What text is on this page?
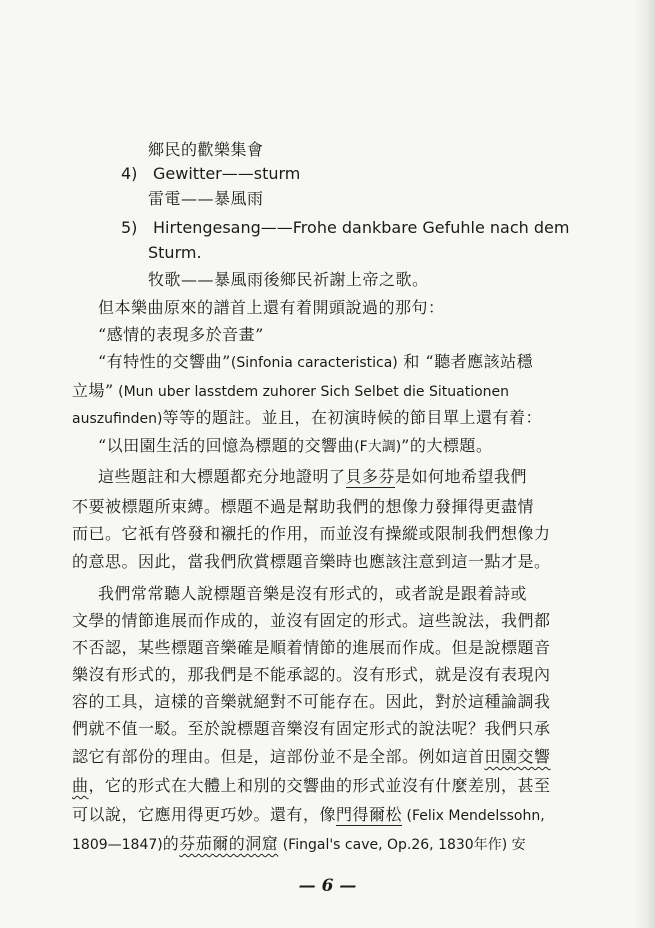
鄉民的歡樂集會
4) Gewitter——sturm
雷電——暴風雨
5) Hirtengesang——Frohe dankbare Gefuhle nach dem
Sturm.
牧歌——暴風雨後鄉民祈謝上帝之歌。
但本樂曲原來的譜首上還有着開頭說過的那句：
“感情的表現多於音畫”
“有特性的交響曲”(Sinfonia caracteristica) 和 “聽者應該站穩
立場” (Mun uber lasstdem zuhorer Sich Selbet die Situationen
auszufinden)等等的題註。並且，在初演時候的節目單上還有着：
“以田園生活的回憶為標題的交響曲(F大調)”的大標題。
這些題註和大標題都充分地證明了貝多芬是如何地希望我們
不要被標題所束縛。標題不過是幫助我們的想像力發揮得更盡情
而已。它祇有啓發和襯托的作用，而並沒有操縱或限制我們想像力
的意思。因此，當我們欣賞標題音樂時也應該注意到這一點才是。
我們常常聽人說標題音樂是沒有形式的，或者說是跟着詩或
文學的情節進展而作成的，並沒有固定的形式。這些說法，我們都
不否認，某些標題音樂確是順着情節的進展而作成。但是說標題音
樂沒有形式的，那我們是不能承認的。沒有形式，就是沒有表現內
容的工具，這樣的音樂就絕對不可能存在。因此，對於這種論調我
們就不值一駁。至於說標題音樂沒有固定形式的說法呢？我們只承
認它有部份的理由。但是，這部份並不是全部。例如這首田園交響
曲，它的形式在大體上和別的交響曲的形式並沒有什麼差別，甚至
可以說，它應用得更巧妙。還有，像門得爾松 (Felix Mendelssohn,
1809—1847)的芬茄爾的洞窟 (Fingal's cave, Op.26, 1830年作) 安
— 6 —
